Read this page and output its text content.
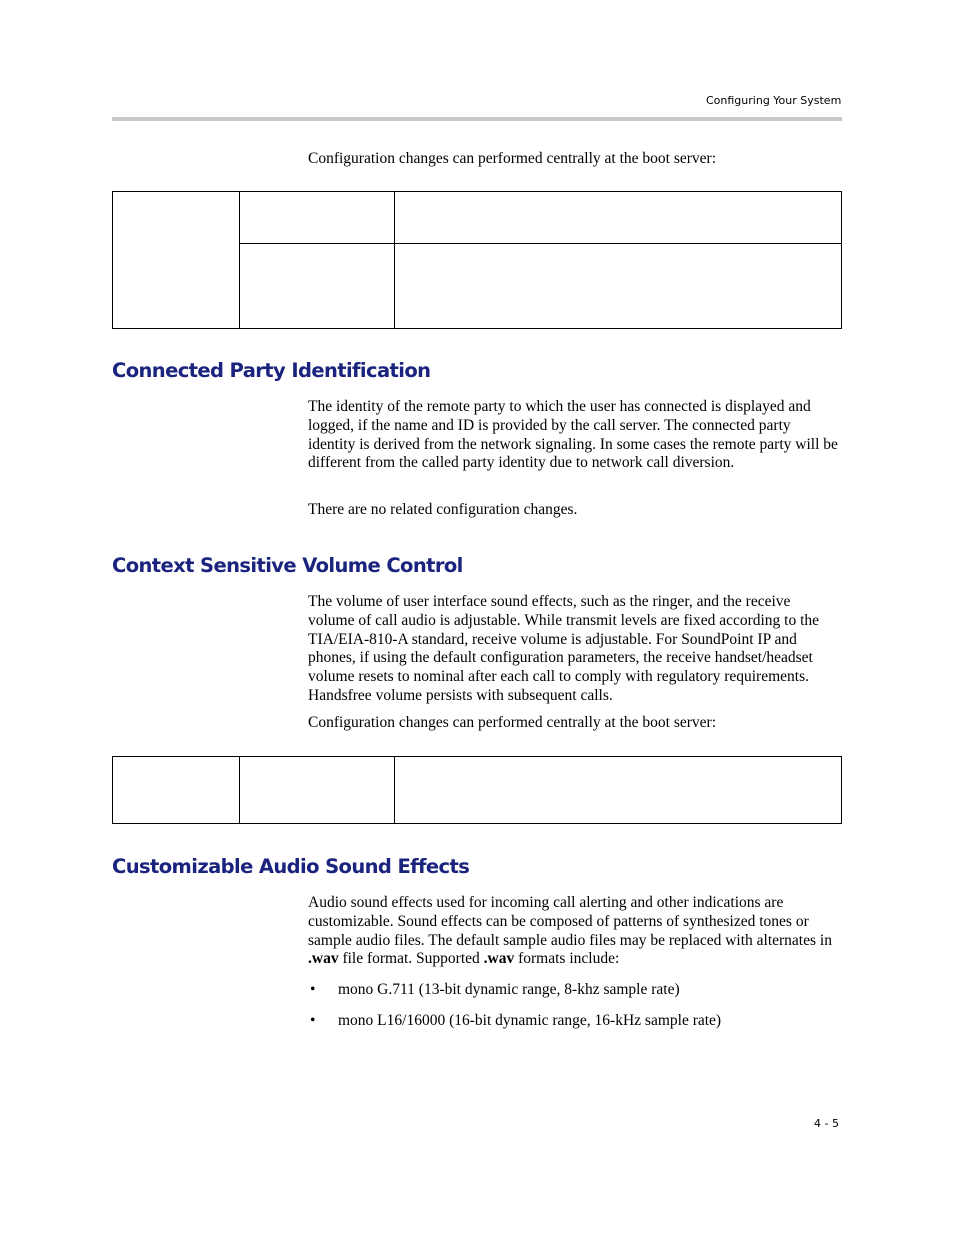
Configuring Your System
Configuration changes can performed centrally at the boot server:

Connected Party Identification
The identity of the remote party to which the user has connected is displayed and logged, if the name and ID is provided by the call server. The connected party identity is derived from the network signaling. In some cases the remote party will be different from the called party identity due to network call diversion.
There are no related configuration changes.
Context Sensitive Volume Control
The volume of user interface sound effects, such as the ringer, and the receive volume of call audio is adjustable. While transmit levels are fixed according to the TIA/EIA-810-A standard, receive volume is adjustable. For SoundPoint IP and phones, if using the default configuration parameters, the receive handset/headset volume resets to nominal after each call to comply with regulatory requirements. Handsfree volume persists with subsequent calls.
Configuration changes can performed centrally at the boot server:

Customizable Audio Sound Effects
Audio sound effects used for incoming call alerting and other indications are customizable. Sound effects can be composed of patterns of synthesized tones or sample audio files. The default sample audio files may be replaced with alternates in .wav file format. Supported .wav formats include:
• mono G.711 (13-bit dynamic range, 8-khz sample rate)
• mono L16/16000 (16-bit dynamic range, 16-kHz sample rate)
4 - 5
